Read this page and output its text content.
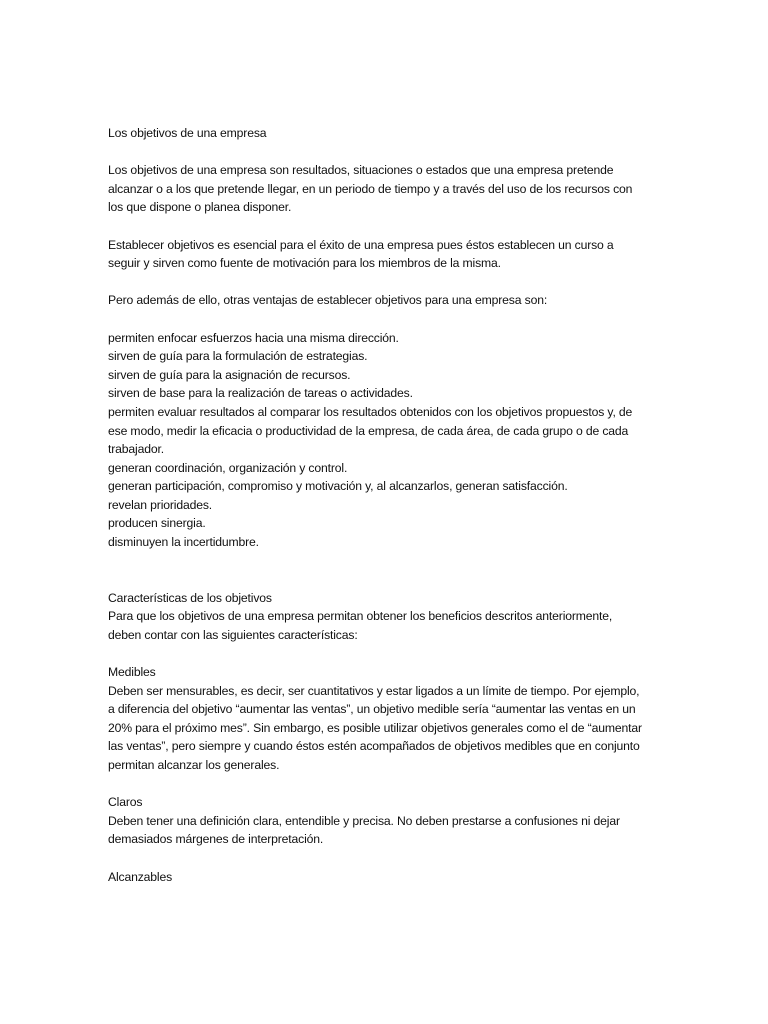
Los objetivos de una empresa

Los objetivos de una empresa son resultados, situaciones o estados que una empresa pretende alcanzar o a los que pretende llegar, en un periodo de tiempo y a través del uso de los recursos con los que dispone o planea disponer.

Establecer objetivos es esencial para el éxito de una empresa pues éstos establecen un curso a seguir y sirven como fuente de motivación para los miembros de la misma.

Pero además de ello, otras ventajas de establecer objetivos para una empresa son:

permiten enfocar esfuerzos hacia una misma dirección.

sirven de guía para la formulación de estrategias.

sirven de guía para la asignación de recursos.

sirven de base para la realización de tareas o actividades.

permiten evaluar resultados al comparar los resultados obtenidos con los objetivos propuestos y, de ese modo, medir la eficacia o productividad de la empresa, de cada área, de cada grupo o de cada trabajador.

generan coordinación, organización y control.

generan participación, compromiso y motivación y, al alcanzarlos, generan satisfacción.

revelan prioridades.

producen sinergia.

disminuyen la incertidumbre.

Características de los objetivos

Para que los objetivos de una empresa permitan obtener los beneficios descritos anteriormente, deben contar con las siguientes características:

Medibles

Deben ser mensurables, es decir, ser cuantitativos y estar ligados a un límite de tiempo. Por ejemplo, a diferencia del objetivo “aumentar las ventas”, un objetivo medible sería “aumentar las ventas en un 20% para el próximo mes”. Sin embargo, es posible utilizar objetivos generales como el de “aumentar las ventas”, pero siempre y cuando éstos estén acompañados de objetivos medibles que en conjunto permitan alcanzar los generales.

Claros

Deben tener una definición clara, entendible y precisa. No deben prestarse a confusiones ni dejar demasiados márgenes de interpretación.

Alcanzables
